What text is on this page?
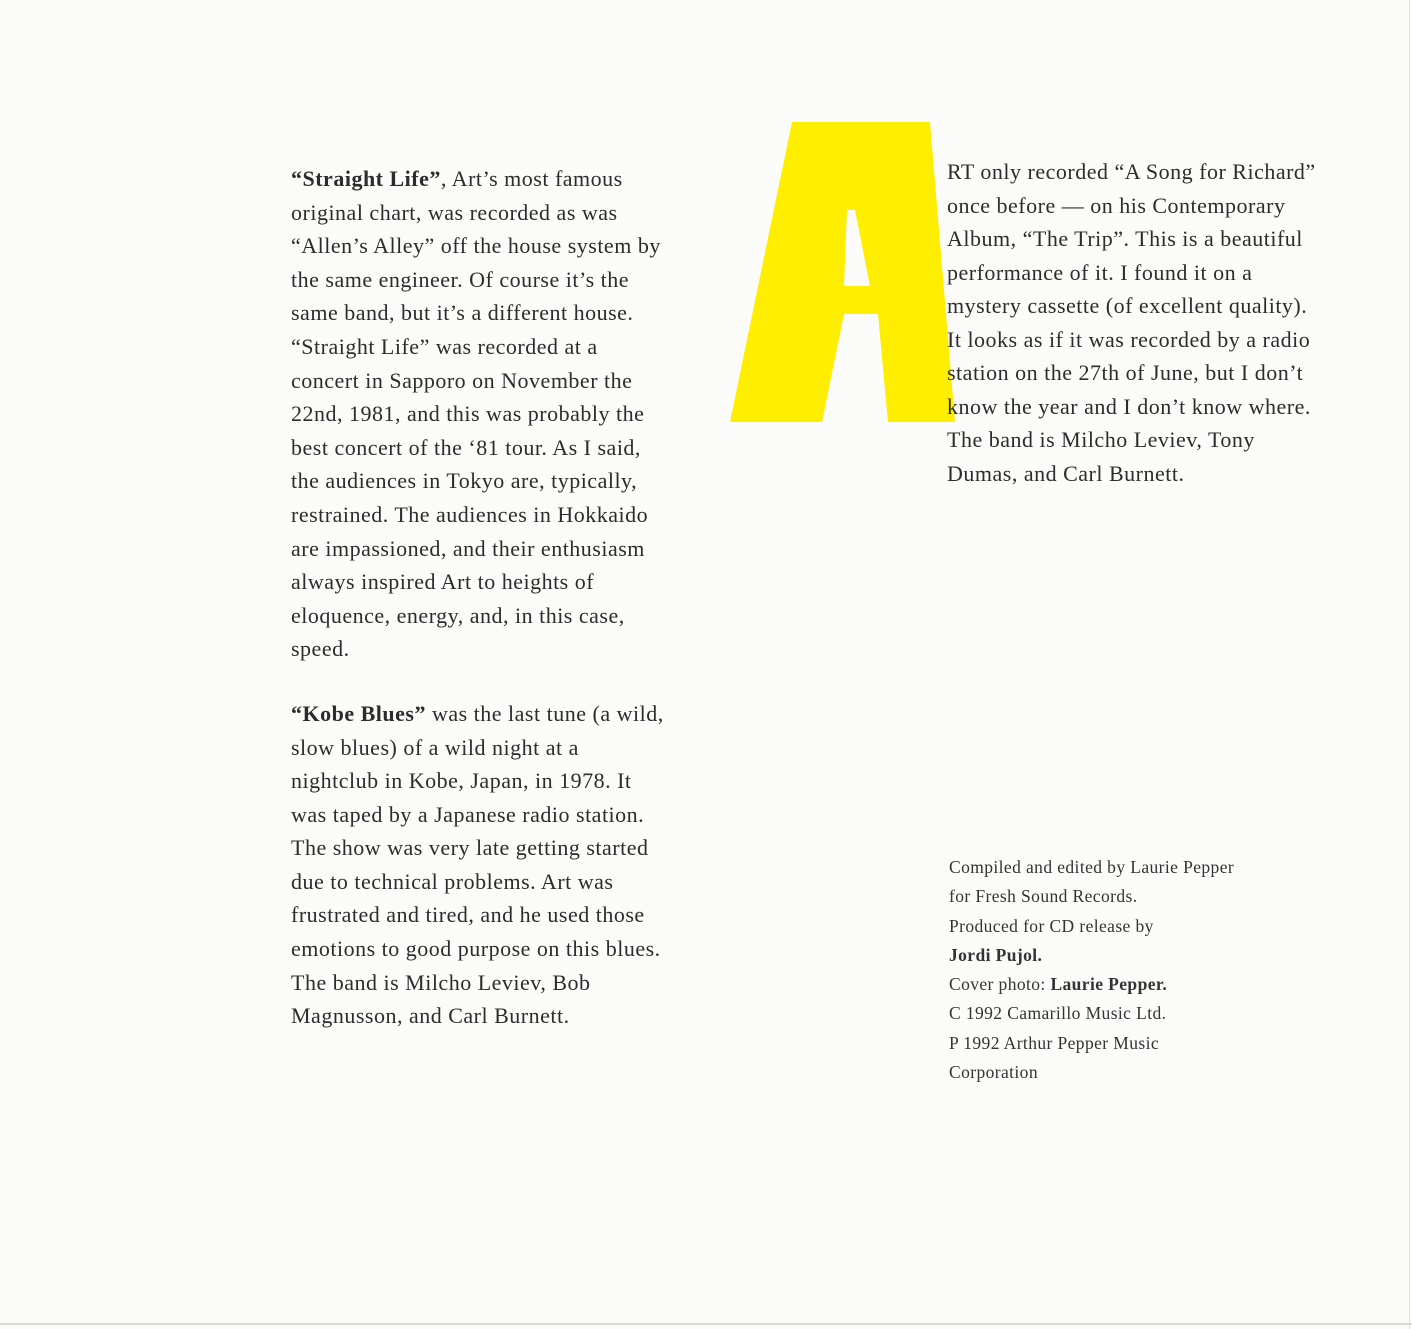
“Straight Life”, Art’s most famous original chart, was recorded as was “Allen’s Alley” off the house system by the same engineer. Of course it’s the same band, but it’s a different house. “Straight Life” was recorded at a concert in Sapporo on November the 22nd, 1981, and this was probably the best concert of the ‘81 tour. As I said, the audiences in Tokyo are, typically, restrained. The audiences in Hokkaido are impassioned, and their enthusiasm always inspired Art to heights of eloquence, energy, and, in this case, speed.

“Kobe Blues” was the last tune (a wild, slow blues) of a wild night at a nightclub in Kobe, Japan, in 1978. It was taped by a Japanese radio station. The show was very late getting started due to technical problems. Art was frustrated and tired, and he used those emotions to good purpose on this blues. The band is Milcho Leviev, Bob Magnusson, and Carl Burnett.

RT only recorded “A Song for Richard” once before — on his Contemporary Album, “The Trip”. This is a beautiful performance of it. I found it on a mystery cassette (of excellent quality). It looks as if it was recorded by a radio station on the 27th of June, but I don’t know the year and I don’t know where. The band is Milcho Leviev, Tony Dumas, and Carl Burnett.

Compiled and edited by Laurie Pepper
for Fresh Sound Records.
Produced for CD release by
Jordi Pujol.
Cover photo: Laurie Pepper.
C 1992 Camarillo Music Ltd.
P 1992 Arthur Pepper Music
Corporation
